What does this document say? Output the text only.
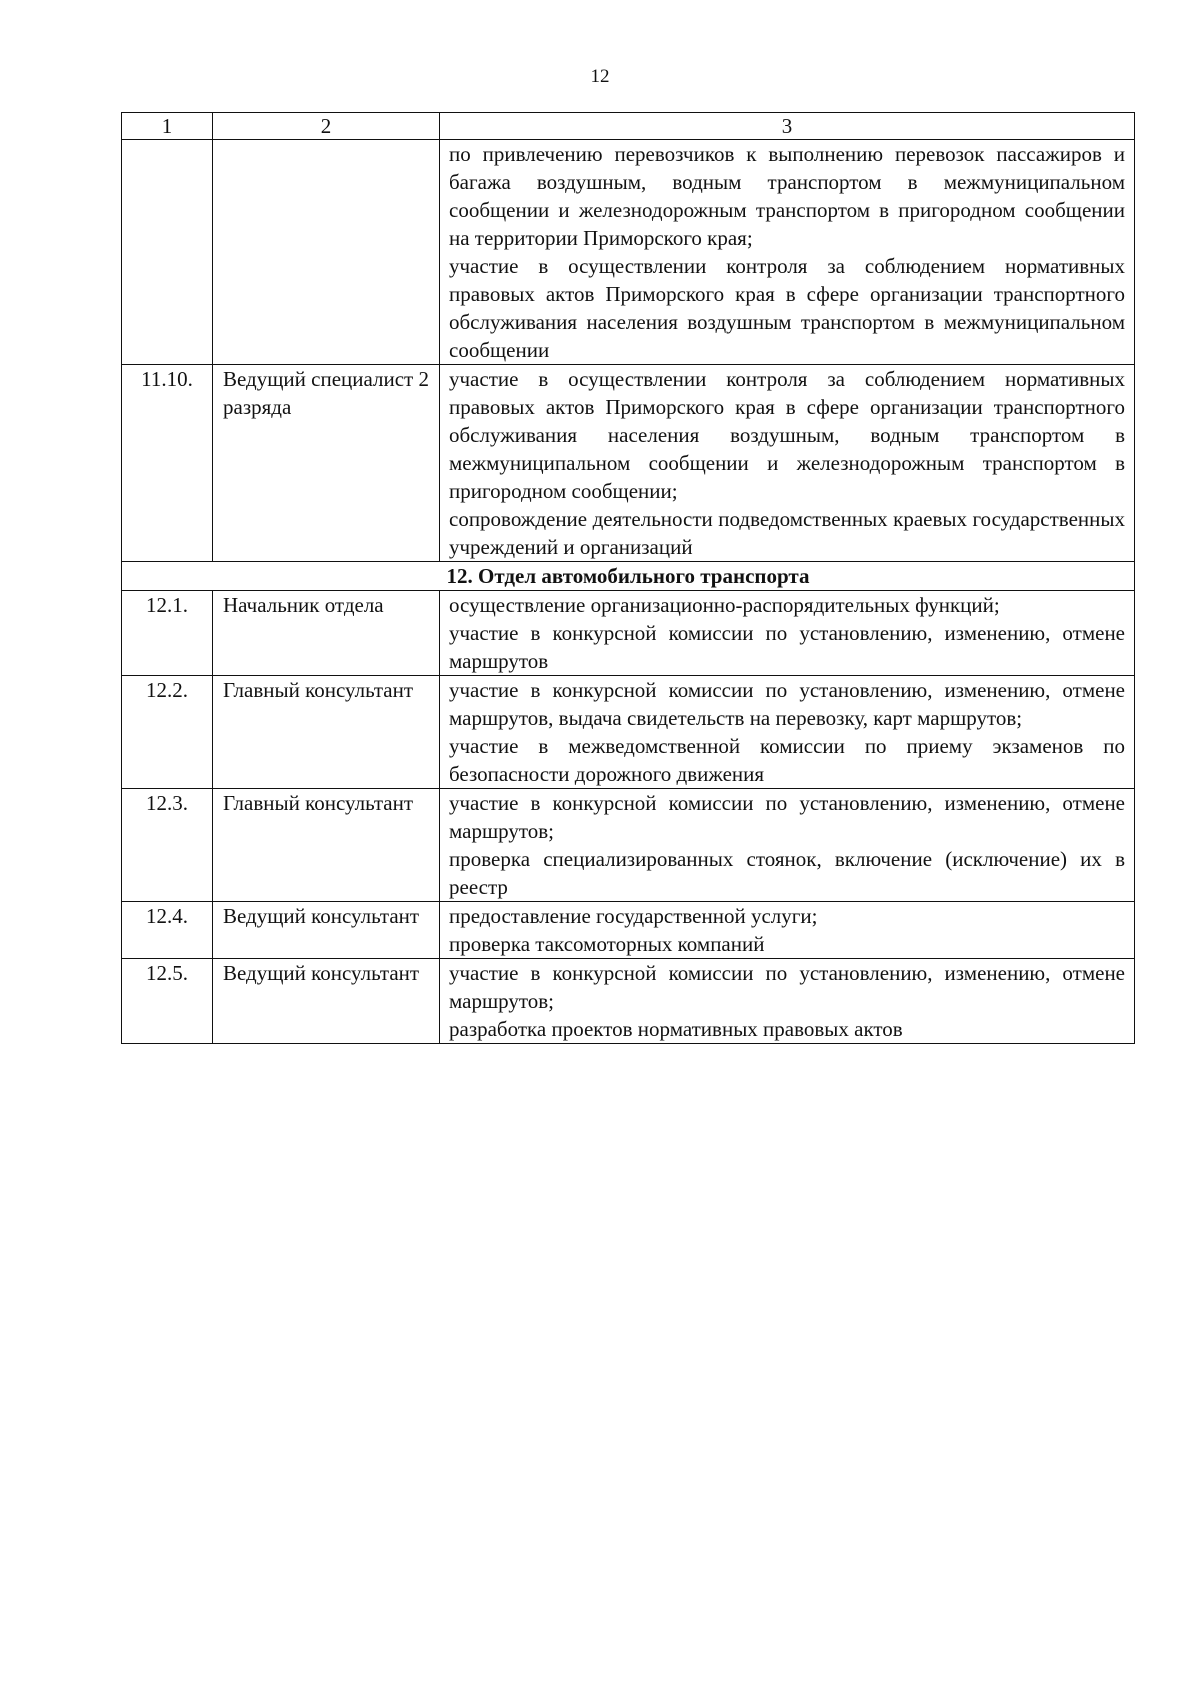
12
1	2	3

		по привлечению перевозчиков к выполнению перевозок пассажиров и багажа воздушным, водным транспортом в межмуниципальном сообщении и железнодорожным транспортом в пригородном сообщении на территории Приморского края;

участие в осуществлении контроля за соблюдением нормативных правовых актов Приморского края в сфере организации транспортного обслуживания населения воздушным транспортом в межмуниципальном сообщении

11.10.	Ведущий специалист 2 разряда	участие в осуществлении контроля за соблюдением нормативных правовых актов Приморского края в сфере организации транспортного обслуживания населения воздушным, водным транспортом в межмуниципальном сообщении и железнодорожным транспортом в пригородном сообщении;

сопровождение деятельности подведомственных краевых государственных учреждений и организаций

12. Отдел автомобильного транспорта		
12.1.	Начальник отдела	осуществление организационно-распорядительных функций;

участие в конкурсной комиссии по установлению, изменению, отмене маршрутов

12.2.	Главный консультант	участие в конкурсной комиссии по установлению, изменению, отмене маршрутов, выдача свидетельств на перевозку, карт маршрутов;

участие в межведомственной комиссии по приему экзаменов по безопасности дорожного движения

12.3.	Главный консультант	участие в конкурсной комиссии по установлению, изменению, отмене маршрутов;

проверка специализированных стоянок, включение (исключение) их в реестр

12.4.	Ведущий консультант	предоставление государственной услуги;

проверка таксомоторных компаний

12.5.	Ведущий консультант	участие в конкурсной комиссии по установлению, изменению, отмене маршрутов;

разработка проектов нормативных правовых актов
